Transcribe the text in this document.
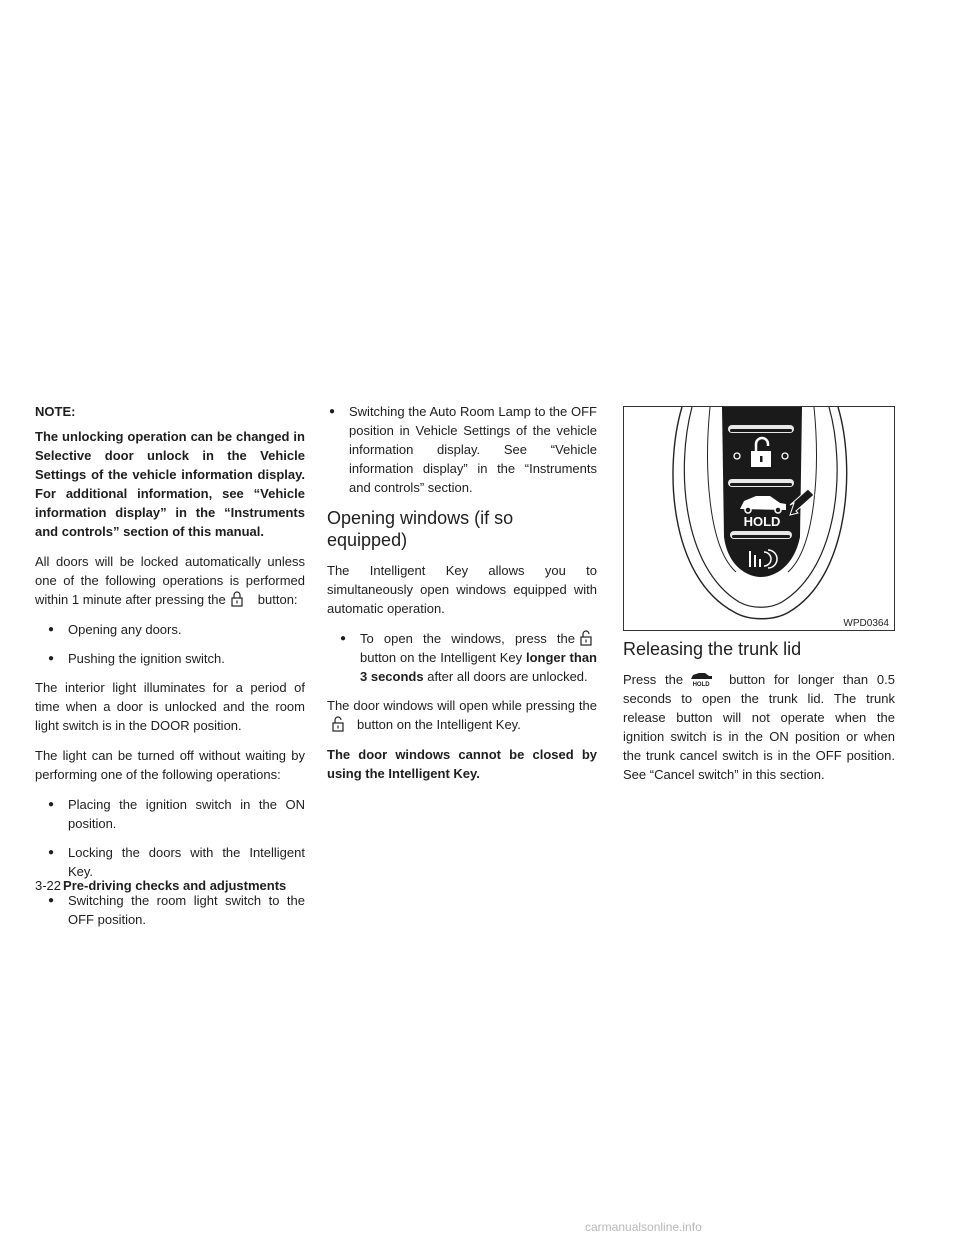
NOTE:

The unlocking operation can be changed in Selective door unlock in the Vehicle Settings of the vehicle information display. For additional information, see “Vehicle information display” in the “Instruments and controls” section of this manual.

All doors will be locked automatically unless one of the following operations is performed within 1 minute after pressing the button:

● Opening any doors.
● Pushing the ignition switch.

The interior light illuminates for a period of time when a door is unlocked and the room light switch is in the DOOR position.

The light can be turned off without waiting by performing one of the following operations:

● Placing the ignition switch in the ON position.
● Locking the doors with the Intelligent Key.
● Switching the room light switch to the OFF position.
● Switching the Auto Room Lamp to the OFF position in Vehicle Settings of the vehicle information display. See “Vehicle information display” in the “Instruments and controls” section.
Opening windows (if so equipped)

The Intelligent Key allows you to simultaneously open windows equipped with automatic operation.

● To open the windows, press the button on the Intelligent Key longer than 3 seconds after all doors are unlocked.

The door windows will open while pressing thebutton on the Intelligent Key.

The door windows cannot be closed by using the Intelligent Key.

HOLD
WPD0364
Releasing the trunk lid

Press the	HOLD	button for longer than 0.5 seconds to open the trunk lid. The trunk release button will not operate when the ignition switch is in the ON position or when the trunk cancel switch is in the OFF position. See “Cancel switch” in this section.

3-22 Pre-driving checks and adjustments
carmanualsonline.info
